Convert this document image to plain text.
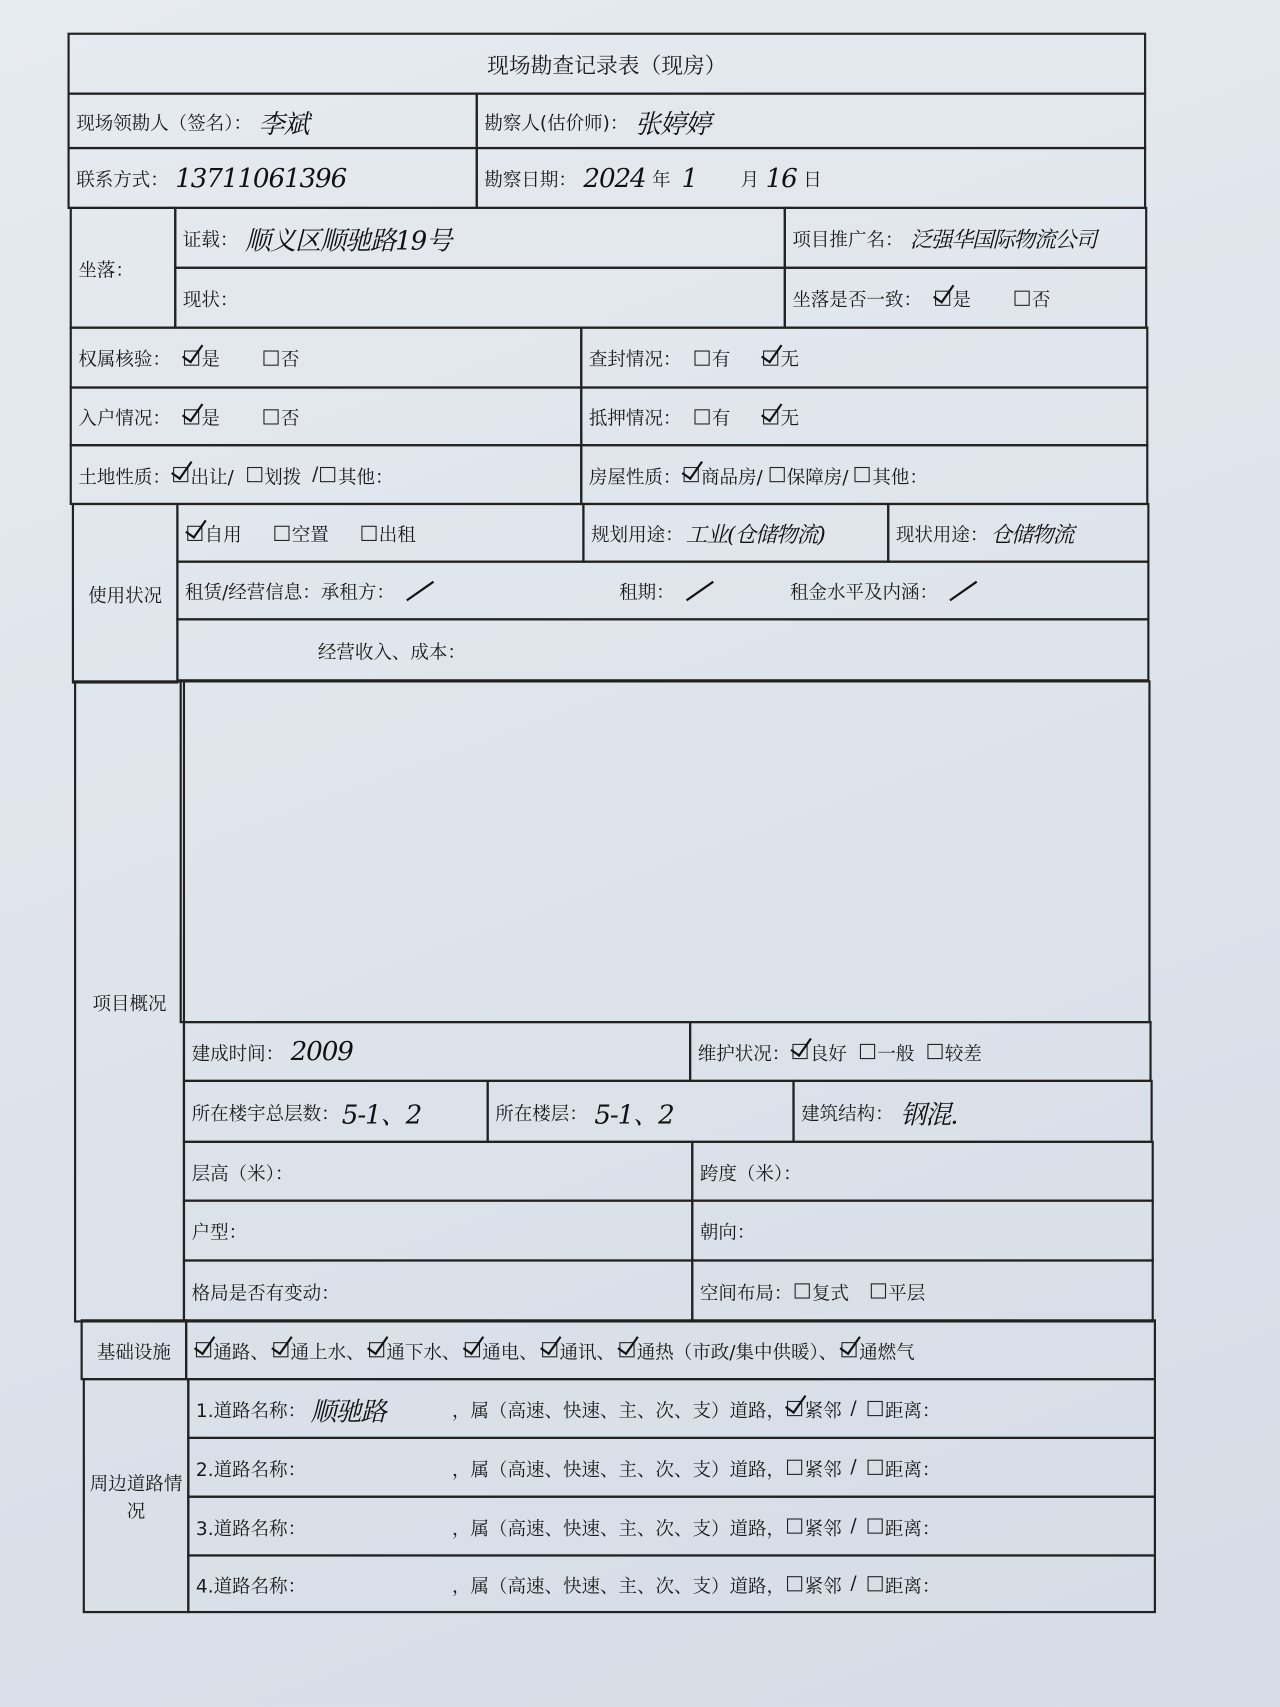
现场勘查记录表（现房）
现场领勘人（签名）： 李斌	勘察人(估价师)： 张婷婷
联系方式： 13711061396	勘察日期： 2024 年 1	月 16 日
坐落：
证载： 顺义区顺驰路19号	项目推广名： 泛强华国际物流公司
现状：	坐落是否一致： 是	否
权属核验： 是	否	查封情况： 有	无
入户情况： 是	否	抵押情况： 有	无
土地性质： 出让/ 划拨 / 其他：	房屋性质： 商品房/ 保障房/ 其他：
使用状况
自用	空置	出租	规划用途： 工业(仓储物流)	现状用途： 仓储物流
租赁/经营信息：承租方：	租期：	租金水平及内涵：
经营收入、成本：
项目概况
建成时间： 2009	维护状况： 良好 一般 较差
所在楼宇总层数： 5-1、2	所在楼层： 5-1、2	建筑结构： 钢混.
层高（米）：	跨度（米）：
户型：	朝向：
格局是否有变动：	空间布局： 复式 平层
基础设施	通路、 通上水、 通下水、 通电、 通讯、 通热（市政/集中供暖）、 通燃气
周边道路情况
1.道路名称： 顺驰路	，属（高速、快速、主、次、支）道路， 紧邻 / 距离：
2.道路名称：	，属（高速、快速、主、次、支）道路， 紧邻 / 距离：
3.道路名称：	，属（高速、快速、主、次、支）道路， 紧邻 / 距离：
4.道路名称：	，属（高速、快速、主、次、支）道路， 紧邻 / 距离：
